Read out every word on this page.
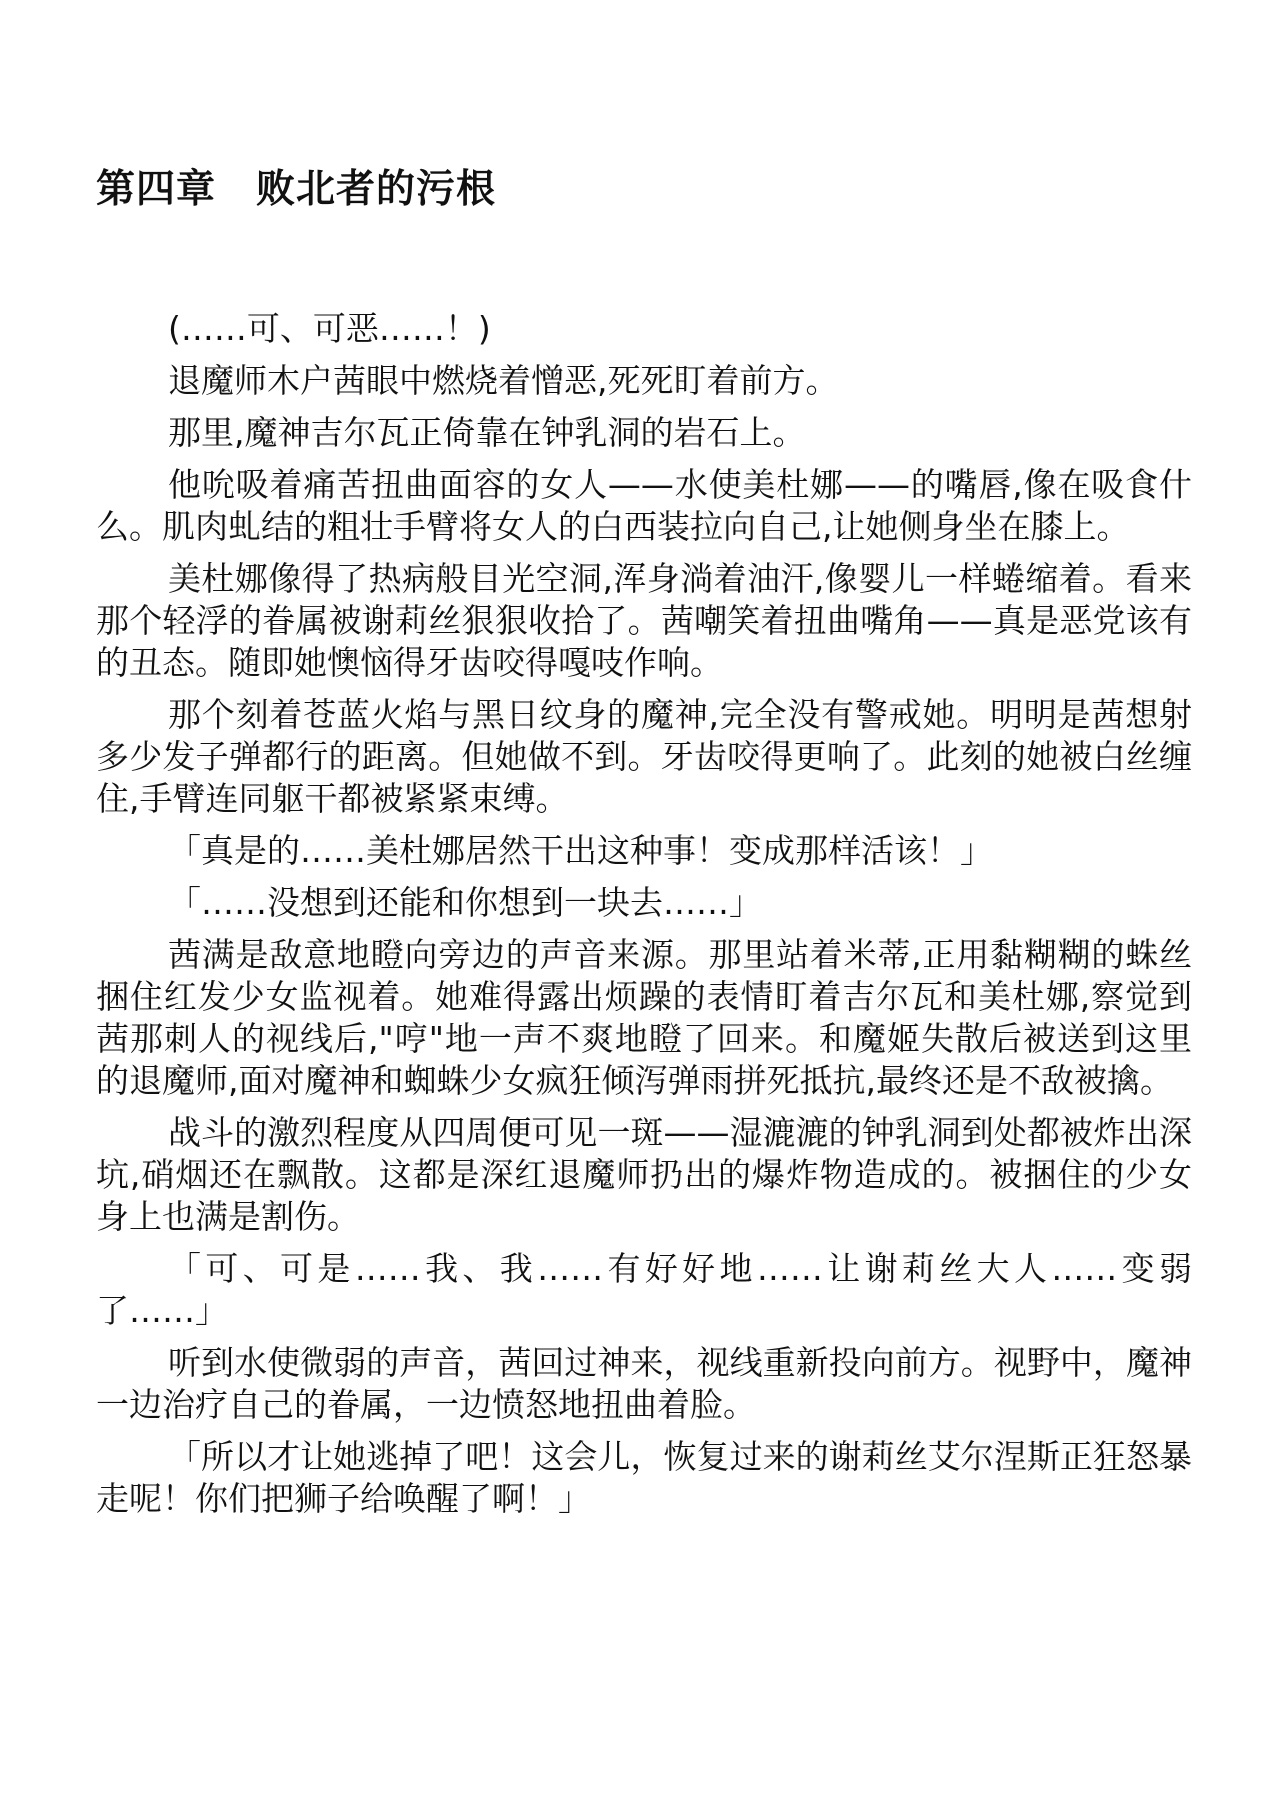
第四章　败北者的污根

(……可、可恶……！)

退魔师木户茜眼中燃烧着憎恶,死死盯着前方。

那里,魔神吉尔瓦正倚靠在钟乳洞的岩石上。

他吮吸着痛苦扭曲面容的女人——水使美杜娜——的嘴唇,像在吸食什么。肌肉虬结的粗壮手臂将女人的白西装拉向自己,让她侧身坐在膝上。

美杜娜像得了热病般目光空洞,浑身淌着油汗,像婴儿一样蜷缩着。看来那个轻浮的眷属被谢莉丝狠狠收拾了。茜嘲笑着扭曲嘴角——真是恶党该有的丑态。随即她懊恼得牙齿咬得嘎吱作响。

那个刻着苍蓝火焰与黑日纹身的魔神,完全没有警戒她。明明是茜想射多少发子弹都行的距离。但她做不到。牙齿咬得更响了。此刻的她被白丝缠住,手臂连同躯干都被紧紧束缚。

「真是的……美杜娜居然干出这种事！变成那样活该！」

「……没想到还能和你想到一块去……」

茜满是敌意地瞪向旁边的声音来源。那里站着米蒂,正用黏糊糊的蛛丝捆住红发少女监视着。她难得露出烦躁的表情盯着吉尔瓦和美杜娜,察觉到茜那刺人的视线后,"哼"地一声不爽地瞪了回来。和魔姬失散后被送到这里的退魔师,面对魔神和蜘蛛少女疯狂倾泻弹雨拼死抵抗,最终还是不敌被擒。

战斗的激烈程度从四周便可见一斑——湿漉漉的钟乳洞到处都被炸出深坑,硝烟还在飘散。这都是深红退魔师扔出的爆炸物造成的。被捆住的少女身上也满是割伤。

「可、可是……我、我……有好好地……让谢莉丝大人……变弱了……」

听到水使微弱的声音，茜回过神来，视线重新投向前方。视野中，魔神一边治疗自己的眷属，一边愤怒地扭曲着脸。

「所以才让她逃掉了吧！这会儿，恢复过来的谢莉丝艾尔涅斯正狂怒暴走呢！你们把狮子给唤醒了啊！」
